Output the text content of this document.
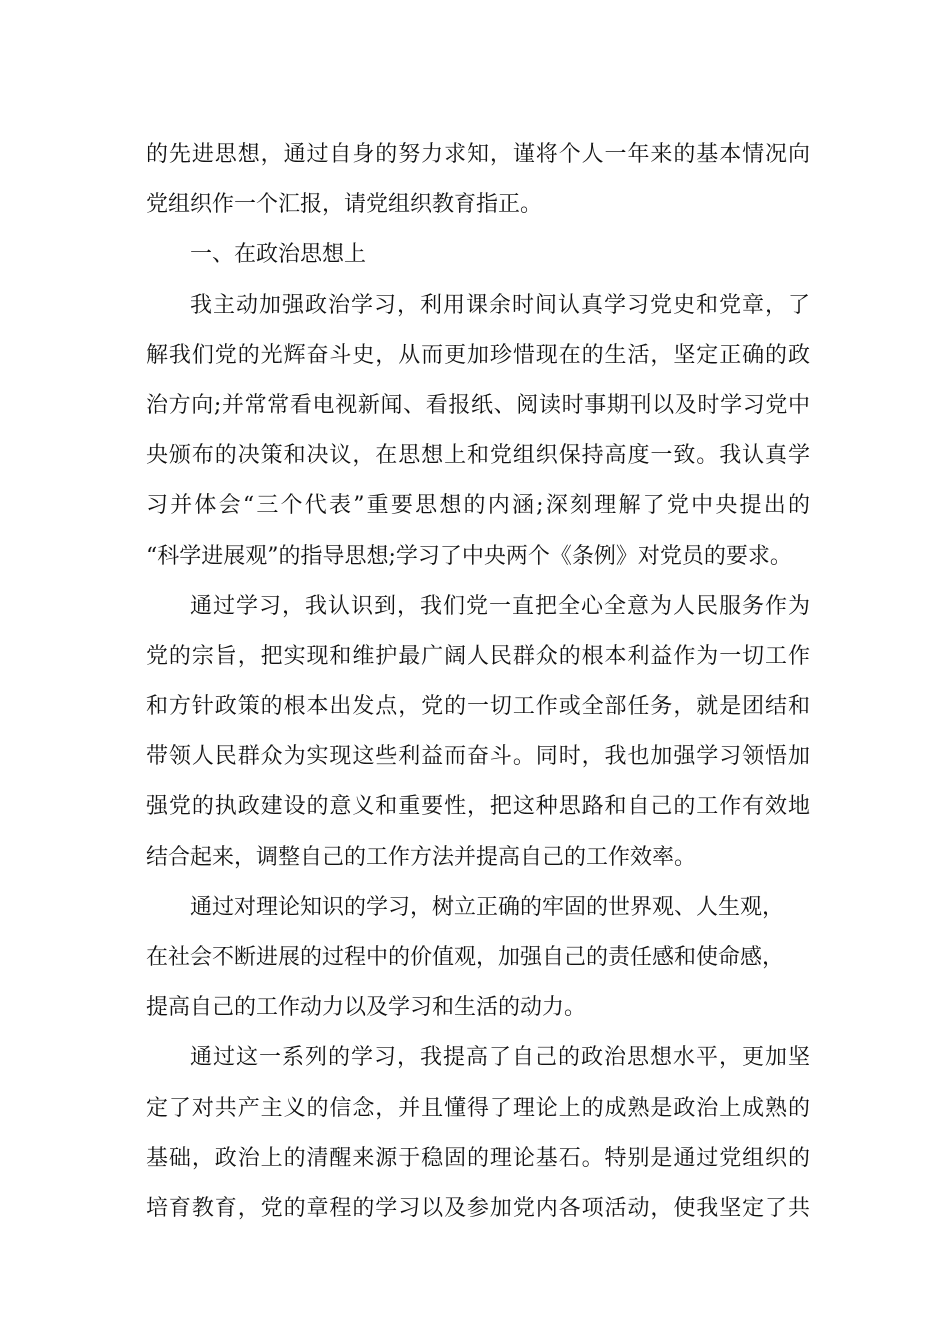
的先进思想，通过自身的努力求知，谨将个人一年来的基本情况向
党组织作一个汇报，请党组织教育指正。
一、在政治思想上
我主动加强政治学习，利用课余时间认真学习党史和党章，了
解我们党的光辉奋斗史，从而更加珍惜现在的生活，坚定正确的政
治方向;并常常看电视新闻、看报纸、阅读时事期刊以及时学习党中
央颁布的决策和决议，在思想上和党组织保持高度一致。我认真学
习并体会“三个代表”重要思想的内涵;深刻理解了党中央提出的
“科学进展观”的指导思想;学习了中央两个《条例》对党员的要求。
通过学习，我认识到，我们党一直把全心全意为人民服务作为
党的宗旨，把实现和维护最广阔人民群众的根本利益作为一切工作
和方针政策的根本出发点，党的一切工作或全部任务，就是团结和
带领人民群众为实现这些利益而奋斗。同时，我也加强学习领悟加
强党的执政建设的意义和重要性，把这种思路和自己的工作有效地
结合起来，调整自己的工作方法并提高自己的工作效率。
通过对理论知识的学习，树立正确的牢固的世界观、人生观，
在社会不断进展的过程中的价值观，加强自己的责任感和使命感，
提高自己的工作动力以及学习和生活的动力。
通过这一系列的学习，我提高了自己的政治思想水平，更加坚
定了对共产主义的信念，并且懂得了理论上的成熟是政治上成熟的
基础，政治上的清醒来源于稳固的理论基石。特别是通过党组织的
培育教育，党的章程的学习以及参加党内各项活动，使我坚定了共
